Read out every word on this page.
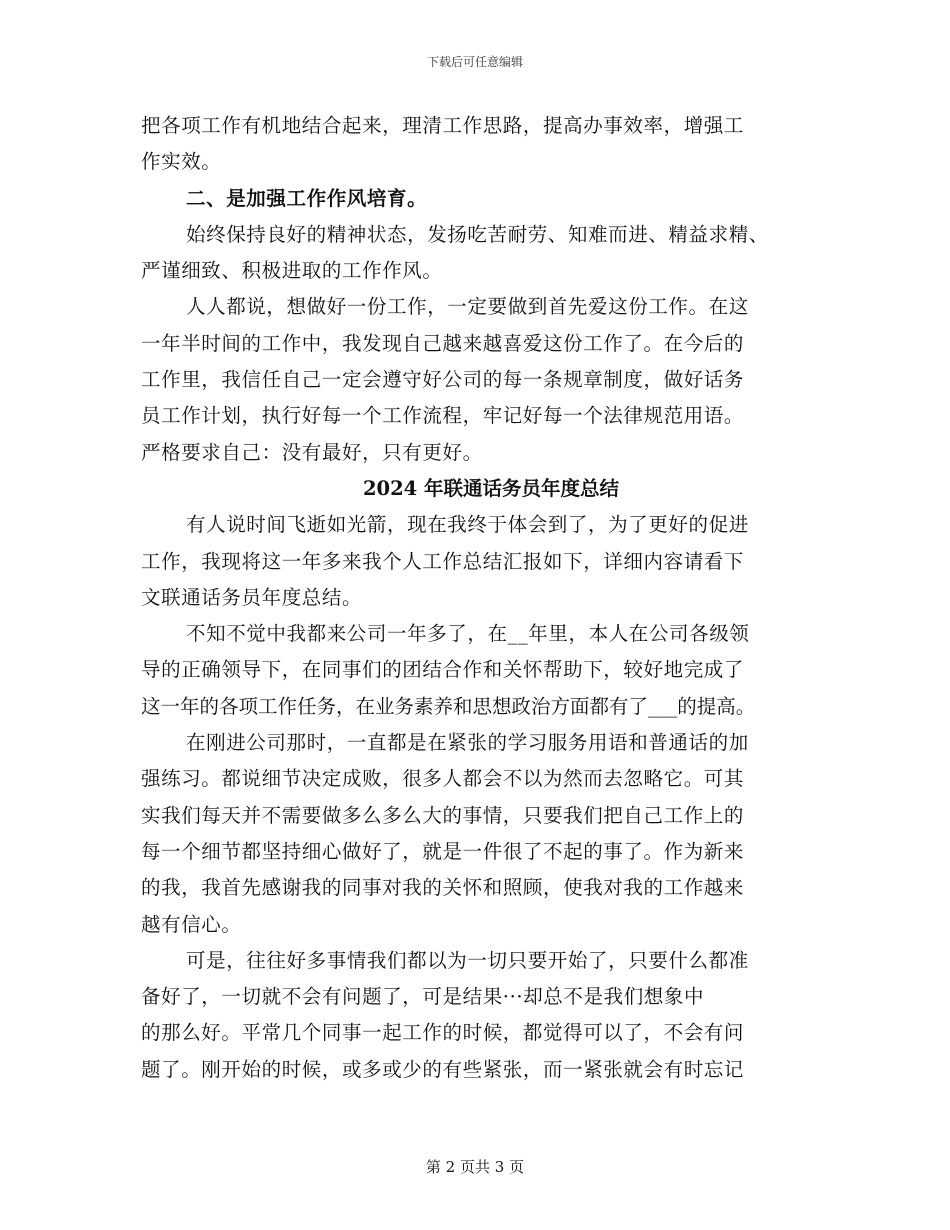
下载后可任意编辑
把各项工作有机地结合起来，理清工作思路，提高办事效率，增强工
作实效。
二、是加强工作作风培育。
始终保持良好的精神状态，发扬吃苦耐劳、知难而进、精益求精、
严谨细致、积极进取的工作作风。
人人都说，想做好一份工作，一定要做到首先爱这份工作。在这
一年半时间的工作中，我发现自己越来越喜爱这份工作了。在今后的
工作里，我信任自己一定会遵守好公司的每一条规章制度，做好话务
员工作计划，执行好每一个工作流程，牢记好每一个法律规范用语。
严格要求自己：没有最好，只有更好。
2024 年联通话务员年度总结
有人说时间飞逝如光箭，现在我终于体会到了，为了更好的促进
工作，我现将这一年多来我个人工作总结汇报如下，详细内容请看下
文联通话务员年度总结。
不知不觉中我都来公司一年多了，在__年里，本人在公司各级领
导的正确领导下，在同事们的团结合作和关怀帮助下，较好地完成了
这一年的各项工作任务，在业务素养和思想政治方面都有了___的提高。
在刚进公司那时，一直都是在紧张的学习服务用语和普通话的加
强练习。都说细节决定成败，很多人都会不以为然而去忽略它。可其
实我们每天并不需要做多么多么大的事情，只要我们把自己工作上的
每一个细节都坚持细心做好了，就是一件很了不起的事了。作为新来
的我，我首先感谢我的同事对我的关怀和照顾，使我对我的工作越来
越有信心。
可是，往往好多事情我们都以为一切只要开始了，只要什么都准
备好了，一切就不会有问题了，可是结果···却总不是我们想象中
的那么好。平常几个同事一起工作的时候，都觉得可以了，不会有问
题了。刚开始的时候，或多或少的有些紧张，而一紧张就会有时忘记
第 2 页共 3 页
